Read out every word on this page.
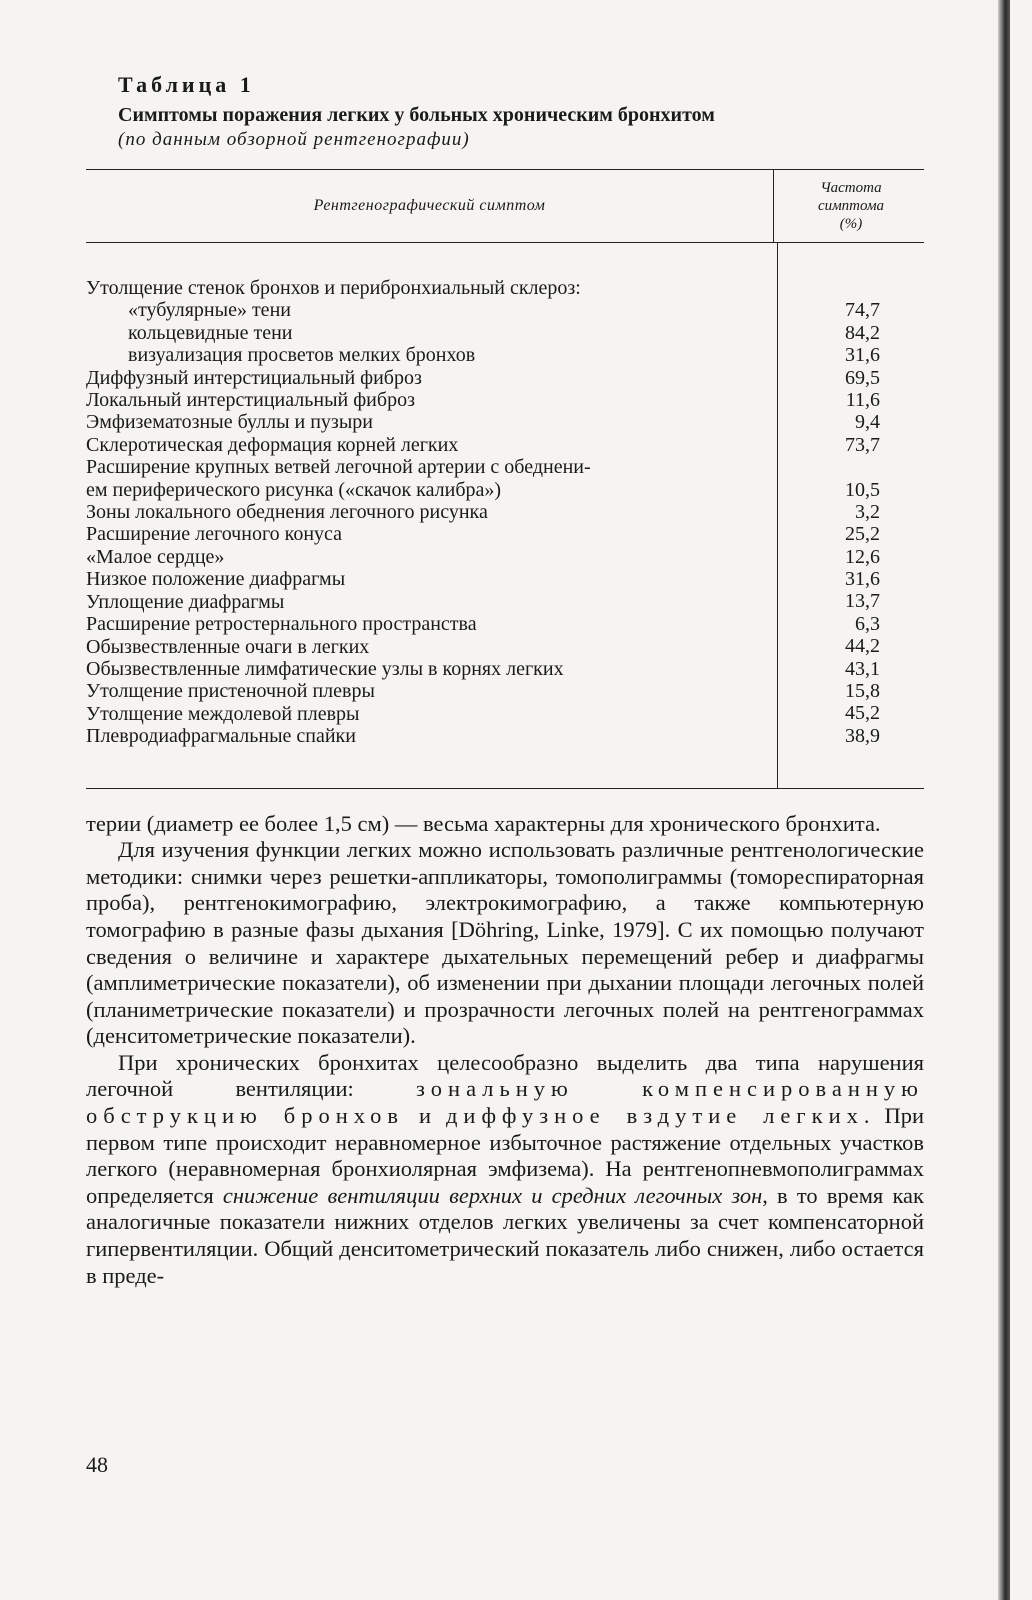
Таблица 1
Симптомы поражения легких у больных хроническим бронхитом
(по данным обзорной рентгенографии)
Рентгенографический симптом
Частота
симптома
(%)
Утолщение стенок бронхов и перибронхиальный склероз:
«тубулярные» тени
кольцевидные тени
визуализация просветов мелких бронхов
Диффузный интерстициальный фиброз
Локальный интерстициальный фиброз
Эмфизематозные буллы и пузыри
Склеротическая деформация корней легких
Расширение крупных ветвей легочной артерии с обеднени-
ем периферического рисунка («скачок калибра»)
Зоны локального обеднения легочного рисунка
Расширение легочного конуса
«Малое сердце»
Низкое положение диафрагмы
Уплощение диафрагмы
Расширение ретростернального пространства
Обызвествленные очаги в легких
Обызвествленные лимфатические узлы в корнях легких
Утолщение пристеночной плевры
Утолщение междолевой плевры
Плевродиафрагмальные спайки
74,7
84,2
31,6
69,5
11,6
9,4
73,7
10,5
3,2
25,2
12,6
31,6
13,7
6,3
44,2
43,1
15,8
45,2
38,9

терии (диаметр ее более 1,5 см) — весьма характерны для хронического бронхита.

Для изучения функции легких можно использовать различные рентгенологические методики: снимки через решетки-аппликаторы, томополиграммы (томореспираторная проба), рентгенокимографию, электрокимографию, а также компьютерную томографию в разные фазы дыхания [Döhring, Linke, 1979]. С их помощью получают сведения о величине и характере дыхательных перемещений ребер и диафрагмы (амплиметрические показатели), об изменении при дыхании площади легочных полей (планиметрические показатели) и прозрачности легочных полей на рентгенограммах (денситометрические показатели).

При хронических бронхитах целесообразно выделить два типа нарушения легочной вентиляции: зональную компенсированную обструкцию бронхов и диффузное вздутие легких. При первом типе происходит неравномерное избыточное растяжение отдельных участков легкого (неравномерная бронхиолярная эмфизема). На рентгенопневмополиграммах определяется снижение вентиляции верхних и средних легочных зон, в то время как аналогичные показатели нижних отделов легких увеличены за счет компенсаторной гипервентиляции. Общий денситометрический показатель либо снижен, либо остается в преде-

48
